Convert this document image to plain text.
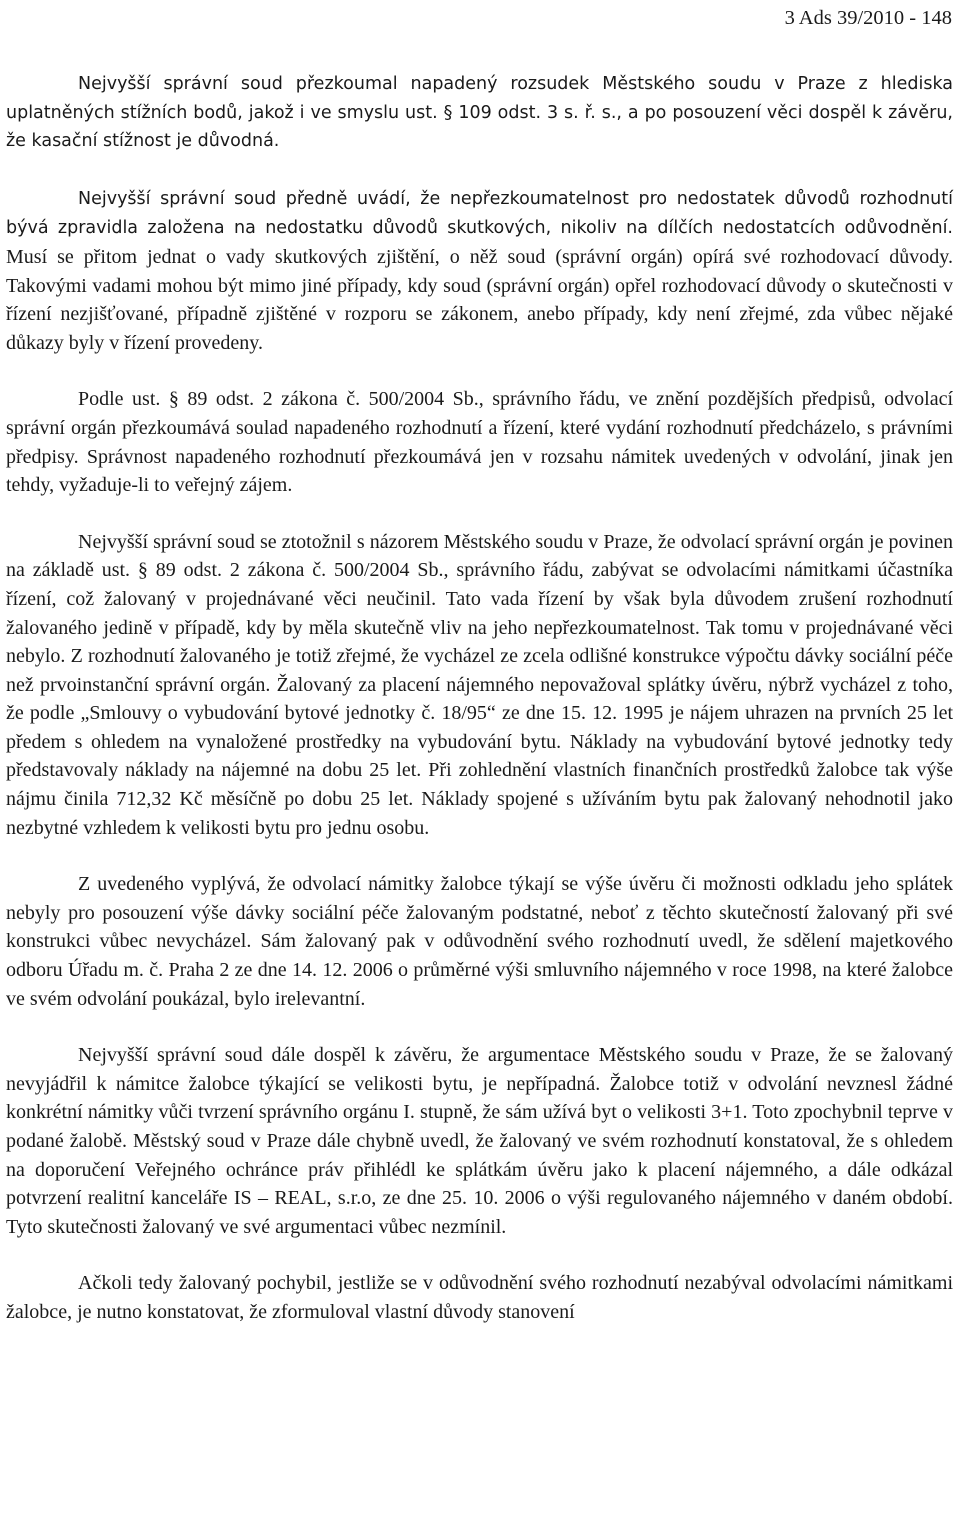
3 Ads 39/2010 - 148

Nejvyšší správní soud přezkoumal napadený rozsudek Městského soudu v Praze z hlediska uplatněných stížních bodů, jakož i ve smyslu ust. § 109 odst. 3 s. ř. s., a po posouzení věci dospěl k závěru, že kasační stížnost je důvodná.

Nejvyšší správní soud předně uvádí, že nepřezkoumatelnost pro nedostatek důvodů rozhodnutí bývá zpravidla založena na nedostatku důvodů skutkových, nikoliv na dílčích nedostatcích odůvodnění. Musí se přitom jednat o vady skutkových zjištění, o něž soud (správní orgán) opírá své rozhodovací důvody. Takovými vadami mohou být mimo jiné případy, kdy soud (správní orgán) opřel rozhodovací důvody o skutečnosti v řízení nezjišťované, případně zjištěné v rozporu se zákonem, anebo případy, kdy není zřejmé, zda vůbec nějaké důkazy byly v řízení provedeny.

Podle ust. § 89 odst. 2 zákona č. 500/2004 Sb., správního řádu, ve znění pozdějších předpisů, odvolací správní orgán přezkoumává soulad napadeného rozhodnutí a řízení, které vydání rozhodnutí předcházelo, s právními předpisy. Správnost napadeného rozhodnutí přezkoumává jen v rozsahu námitek uvedených v odvolání, jinak jen tehdy, vyžaduje-li to veřejný zájem.

Nejvyšší správní soud se ztotožnil s názorem Městského soudu v Praze, že odvolací správní orgán je povinen na základě ust. § 89 odst. 2 zákona č. 500/2004 Sb., správního řádu, zabývat se odvolacími námitkami účastníka řízení, což žalovaný v projednávané věci neučinil. Tato vada řízení by však byla důvodem zrušení rozhodnutí žalovaného jedině v případě, kdy by měla skutečně vliv na jeho nepřezkoumatelnost. Tak tomu v projednávané věci nebylo. Z rozhodnutí žalovaného je totiž zřejmé, že vycházel ze zcela odlišné konstrukce výpočtu dávky sociální péče než prvoinstanční správní orgán. Žalovaný za placení nájemného nepovažoval splátky úvěru, nýbrž vycházel z toho, že podle „Smlouvy o vybudování bytové jednotky č. 18/95“ ze dne 15. 12. 1995 je nájem uhrazen na prvních 25 let předem s ohledem na vynaložené prostředky na vybudování bytu. Náklady na vybudování bytové jednotky tedy představovaly náklady na nájemné na dobu 25 let. Při zohlednění vlastních finančních prostředků žalobce tak výše nájmu činila 712,32 Kč měsíčně po dobu 25 let. Náklady spojené s užíváním bytu pak žalovaný nehodnotil jako nezbytné vzhledem k velikosti bytu pro jednu osobu.

Z uvedeného vyplývá, že odvolací námitky žalobce týkají se výše úvěru či možnosti odkladu jeho splátek nebyly pro posouzení výše dávky sociální péče žalovaným podstatné, neboť z těchto skutečností žalovaný při své konstrukci vůbec nevycházel. Sám žalovaný pak v odůvodnění svého rozhodnutí uvedl, že sdělení majetkového odboru Úřadu m. č. Praha 2 ze dne 14. 12. 2006 o průměrné výši smluvního nájemného v roce 1998, na které žalobce ve svém odvolání poukázal, bylo irelevantní.

Nejvyšší správní soud dále dospěl k závěru, že argumentace Městského soudu v Praze, že se žalovaný nevyjádřil k námitce žalobce týkající se velikosti bytu, je nepřípadná. Žalobce totiž v odvolání nevznesl žádné konkrétní námitky vůči tvrzení správního orgánu I. stupně, že sám užívá byt o velikosti 3+1. Toto zpochybnil teprve v podané žalobě. Městský soud v Praze dále chybně uvedl, že žalovaný ve svém rozhodnutí konstatoval, že s ohledem na doporučení Veřejného ochránce práv přihlédl ke splátkám úvěru jako k placení nájemného, a dále odkázal potvrzení realitní kanceláře IS – REAL, s.r.o, ze dne 25. 10. 2006 o výši regulovaného nájemného v daném období. Tyto skutečnosti žalovaný ve své argumentaci vůbec nezmínil.

Ačkoli tedy žalovaný pochybil, jestliže se v odůvodnění svého rozhodnutí nezabýval odvolacími námitkami žalobce, je nutno konstatovat, že zformuloval vlastní důvody stanovení
